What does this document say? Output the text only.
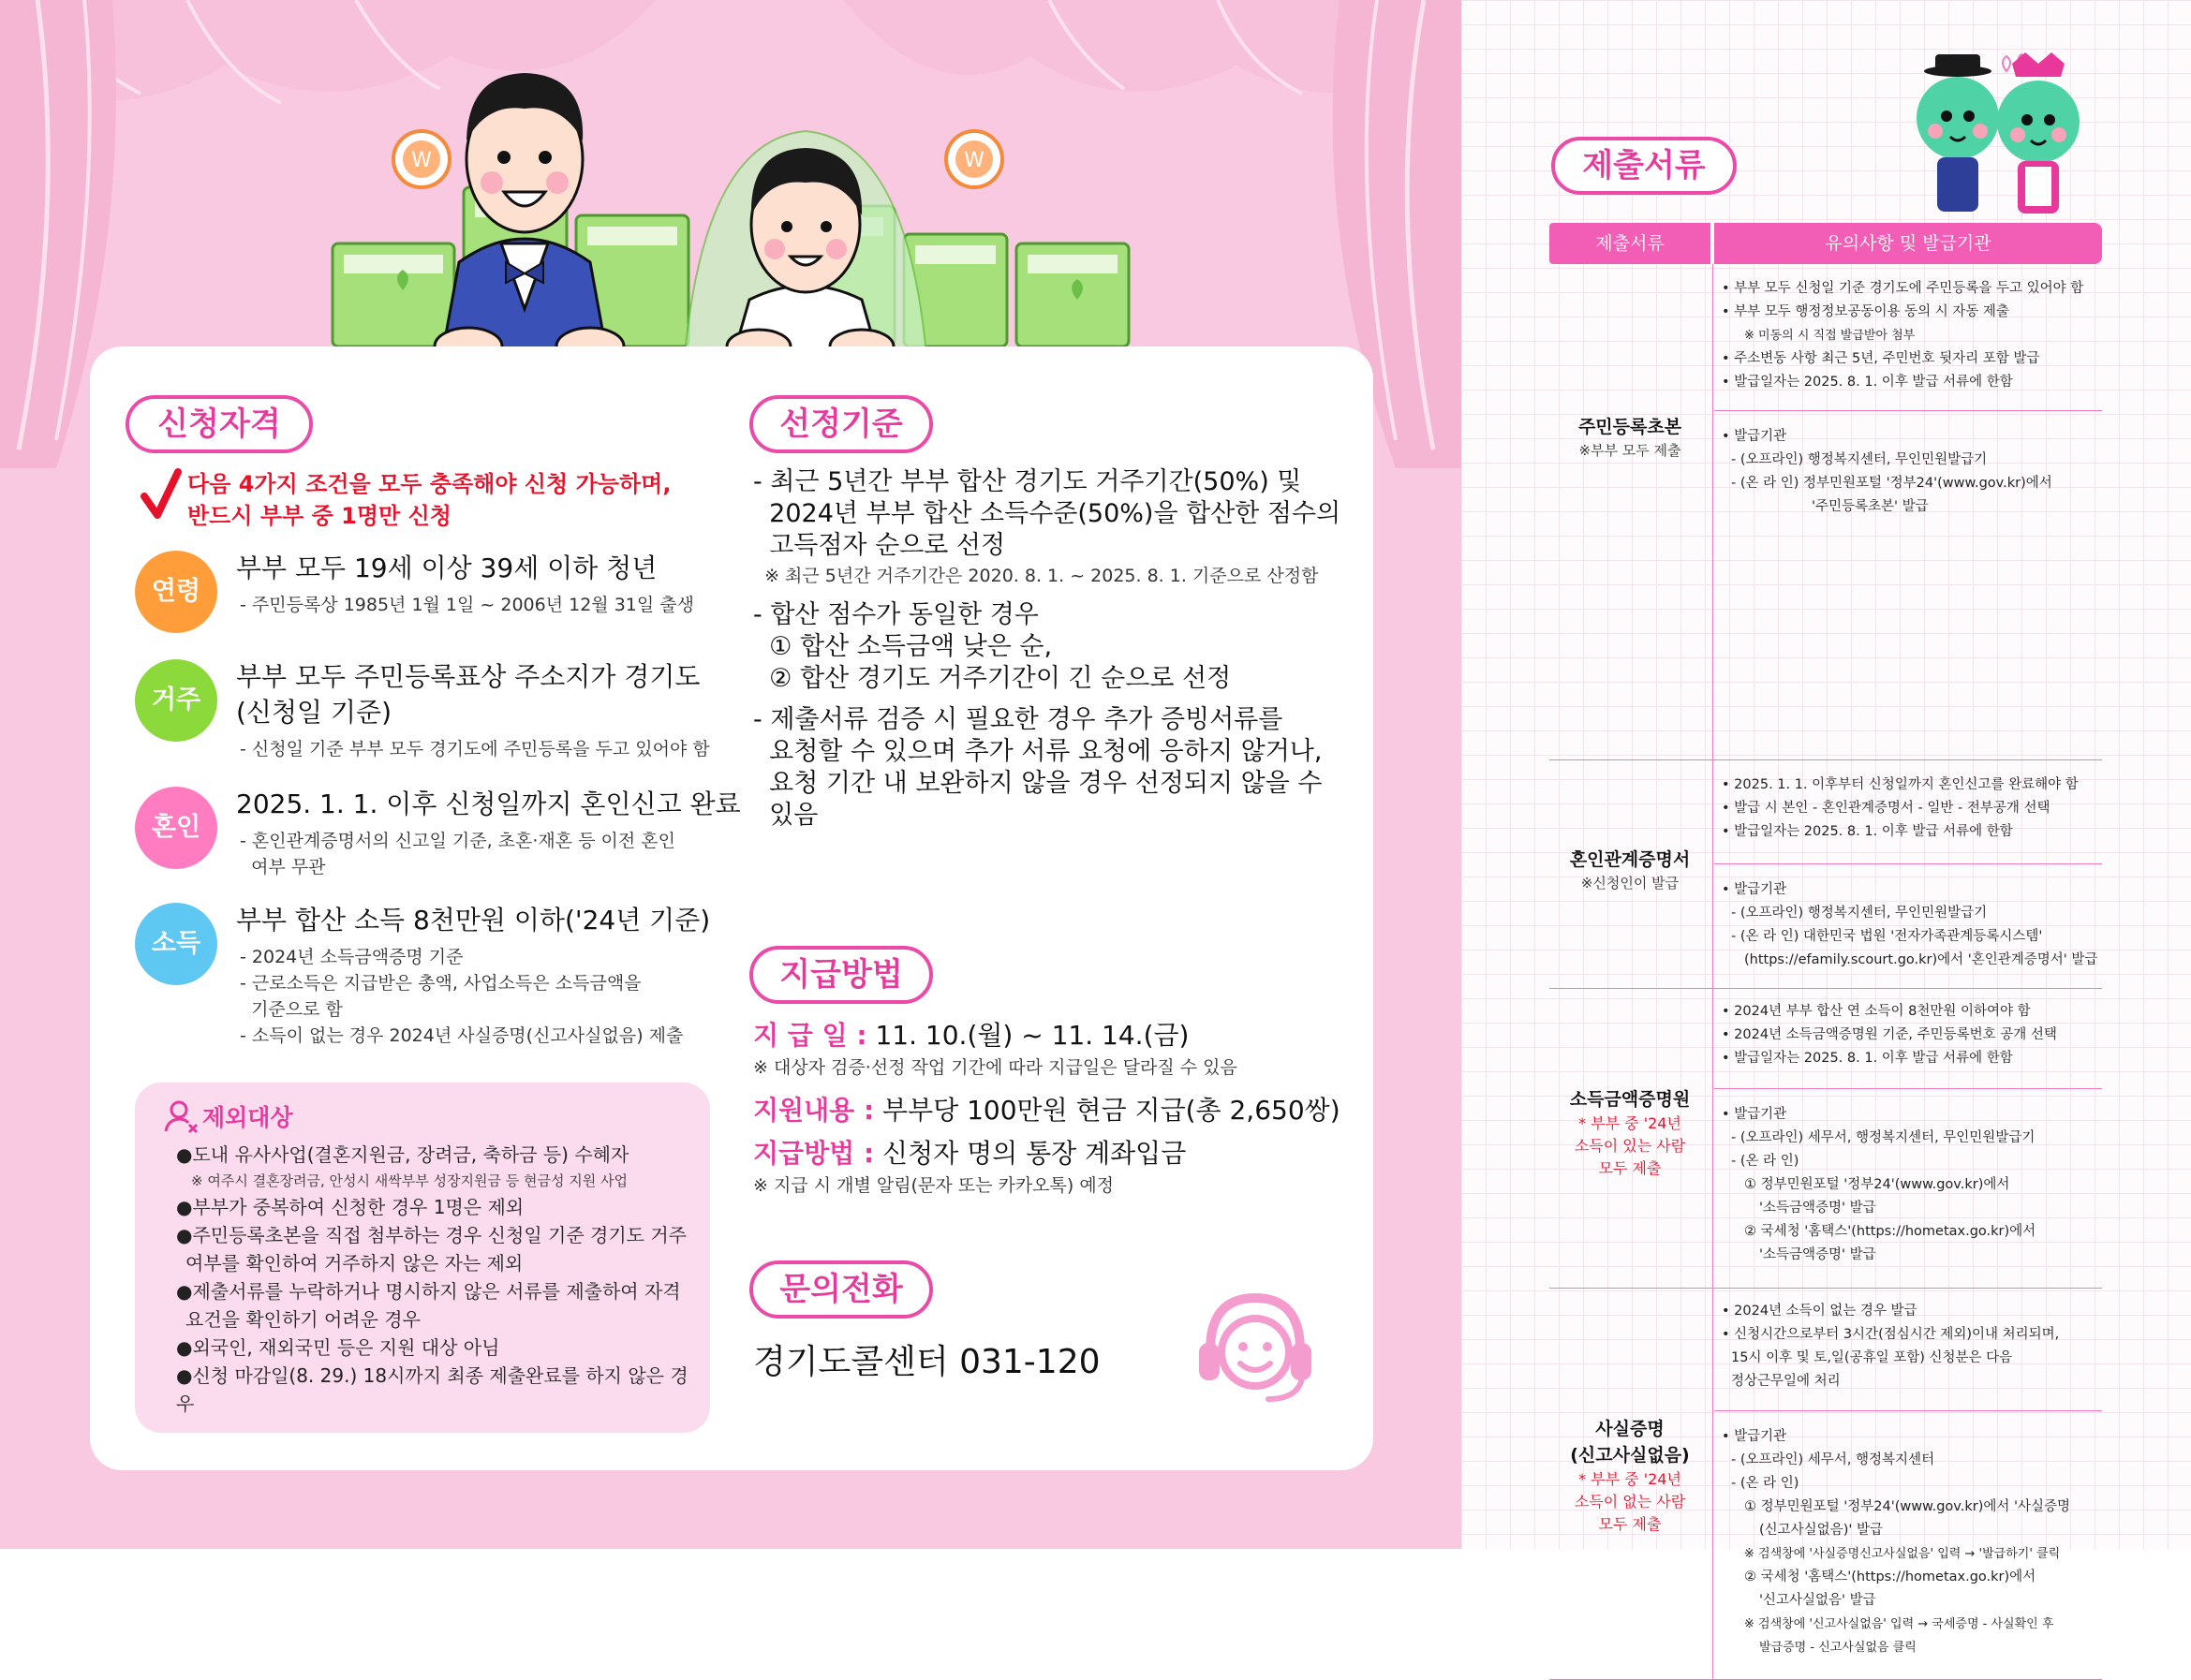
W	W
신청자격
다음 4가지 조건을 모두 충족해야 신청 가능하며,
반드시 부부 중 1명만 신청
연령
부부 모두 19세 이상 39세 이하 청년
- 주민등록상 1985년 1월 1일 ~ 2006년 12월 31일 출생
거주
부부 모두 주민등록표상 주소지가 경기도
(신청일 기준)
- 신청일 기준 부부 모두 경기도에 주민등록을 두고 있어야 함
혼인
2025. 1. 1. 이후 신청일까지 혼인신고 완료
- 혼인관계증명서의 신고일 기준, 초혼·재혼 등 이전 혼인
여부 무관
소득
부부 합산 소득 8천만원 이하('24년 기준)
- 2024년 소득금액증명 기준
- 근로소득은 지급받은 총액, 사업소득은 소득금액을
기준으로 함
- 소득이 없는 경우 2024년 사실증명(신고사실없음) 제출
제외대상
●도내 유사사업(결혼지원금, 장려금, 축하금 등) 수혜자
※ 여주시 결혼장려금, 안성시 새싹부부 성장지원금 등 현금성 지원 사업
●부부가 중복하여 신청한 경우 1명은 제외
●주민등록초본을 직접 첨부하는 경우 신청일 기준 경기도 거주
여부를 확인하여 거주하지 않은 자는 제외
●제출서류를 누락하거나 명시하지 않은 서류를 제출하여 자격
요건을 확인하기 어려운 경우
●외국인, 재외국민 등은 지원 대상 아님
●신청 마감일(8. 29.) 18시까지 최종 제출완료를 하지 않은 경우
선정기준
- 최근 5년간 부부 합산 경기도 거주기간(50%) 및
2024년 부부 합산 소득수준(50%)을 합산한 점수의
고득점자 순으로 선정
※ 최근 5년간 거주기간은 2020. 8. 1. ~ 2025. 8. 1. 기준으로 산정함
- 합산 점수가 동일한 경우
① 합산 소득금액 낮은 순,
② 합산 경기도 거주기간이 긴 순으로 선정
- 제출서류 검증 시 필요한 경우 추가 증빙서류를
요청할 수 있으며 추가 서류 요청에 응하지 않거나,
요청 기간 내 보완하지 않을 경우 선정되지 않을 수
있음
지급방법
지 급 일 : 11. 10.(월) ~ 11. 14.(금)
※ 대상자 검증·선정 작업 기간에 따라 지급일은 달라질 수 있음
지원내용 : 부부당 100만원 현금 지급(총 2,650쌍)
지급방법 : 신청자 명의 통장 계좌입금
※ 지급 시 개별 알림(문자 또는 카카오톡) 예정
문의전화
경기도콜센터 031-120
제출서류
제출서류	유의사항 및 발급기관
주민등록초본
※부부 모두 제출
• 부부 모두 신청일 기준 경기도에 주민등록을 두고 있어야 함
• 부부 모두 행정정보공동이용 동의 시 자동 제출
※ 미동의 시 직접 발급받아 첨부
• 주소변동 사항 최근 5년, 주민번호 뒷자리 포함 발급
• 발급일자는 2025. 8. 1. 이후 발급 서류에 한함
• 발급기관
- (오프라인) 행정복지센터, 무인민원발급기
- (온 라 인) 정부민원포털 '정부24'(www.gov.kr)에서
'주민등록초본' 발급
혼인관계증명서
※신청인이 발급
• 2025. 1. 1. 이후부터 신청일까지 혼인신고를 완료해야 함
• 발급 시 본인 - 혼인관계증명서 - 일반 - 전부공개 선택
• 발급일자는 2025. 8. 1. 이후 발급 서류에 한함
• 발급기관
- (오프라인) 행정복지센터, 무인민원발급기
- (온 라 인) 대한민국 법원 '전자가족관계등록시스템'
(https://efamily.scourt.go.kr)에서 '혼인관계증명서' 발급
소득금액증명원
* 부부 중 '24년
소득이 있는 사람
모두 제출
• 2024년 부부 합산 연 소득이 8천만원 이하여야 함
• 2024년 소득금액증명원 기준, 주민등록번호 공개 선택
• 발급일자는 2025. 8. 1. 이후 발급 서류에 한함
• 발급기관
- (오프라인) 세무서, 행정복지센터, 무인민원발급기
- (온 라 인)
① 정부민원포털 '정부24'(www.gov.kr)에서
'소득금액증명' 발급
② 국세청 '홈택스'(https://hometax.go.kr)에서
'소득금액증명' 발급
사실증명
(신고사실없음)
* 부부 중 '24년
소득이 없는 사람
모두 제출
• 2024년 소득이 없는 경우 발급
• 신청시간으로부터 3시간(점심시간 제외)이내 처리되며,
15시 이후 및 토,일(공휴일 포함) 신청분은 다음
정상근무일에 처리
• 발급기관
- (오프라인) 세무서, 행정복지센터
- (온 라 인)
① 정부민원포털 '정부24'(www.gov.kr)에서 '사실증명
(신고사실없음)' 발급
※ 검색창에 '사실증명신고사실없음' 입력 → '발급하기' 클릭
② 국세청 '홈택스'(https://hometax.go.kr)에서
'신고사실없음' 발급
※ 검색창에 '신고사실없음' 입력 → 국세증명 - 사실확인 후
발급증명 - 신고사실없음 클릭
